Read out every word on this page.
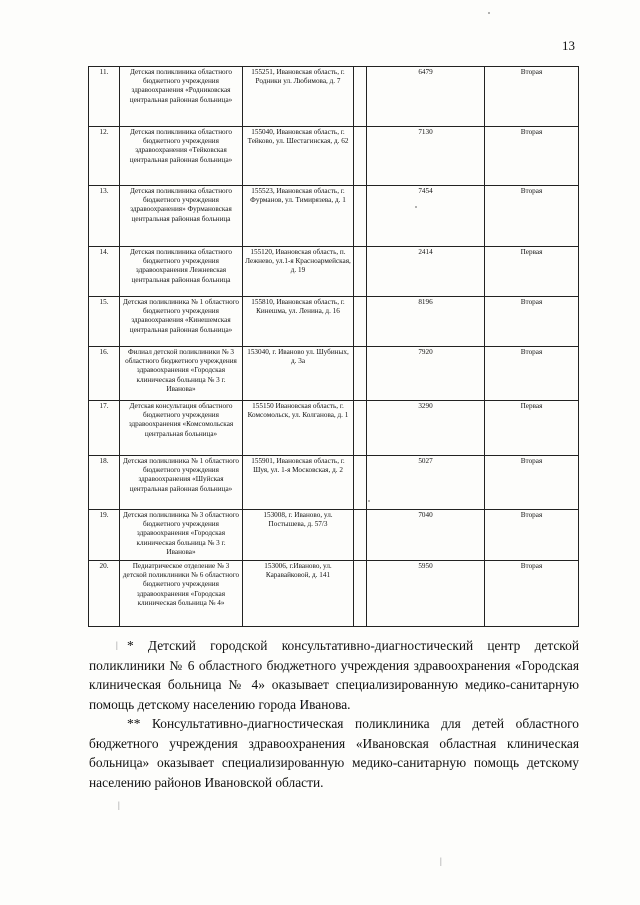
13
11.	Детская поликлиника областного бюджетного учреждения здравоохранения «Родниковская центральная районная больница»	155251, Ивановская область, г. Родники ул. Любимова, д. 7		6479	Вторая
12.	Детская поликлиника областного бюджетного учреждения здравоохранения «Тейковская центральная районная больница»	155040, Ивановская область, г. Тейково, ул. Шестагинская, д. 62		7130	Вторая
13.	Детская поликлиника областного бюджетного учреждения здравоохранения» Фурмановская центральная районная больница	155523, Ивановская область, г. Фурманов, ул. Тимирязева, д. 1		7454	Вторая
14.	Детская поликлиника областного бюджетного учреждения здравоохранения Лежневская центральная районная больница	155120, Ивановская область, п. Лежнево, ул.1-я Красноармейская, д. 19		2414	Первая
15.	Детская поликлиника № 1 областного бюджетного учреждения здравоохранения «Кинешемская центральная районная больница»	155810, Ивановская область, г. Кинешма, ул. Ленина, д. 16		8196	Вторая
16.	Филиал детской поликлиники № 3 областного бюджетного учреждения здравоохранения «Городская клиническая больница № 3 г. Иванова»	153040, г. Иваново ул. Шубиных, д. 3а		7920	Вторая
17.	Детская консультация областного бюджетного учреждения здравоохранения «Комсомольская центральная больница»	155150 Ивановская область, г. Комсомольск, ул. Колганова, д. 1		3290	Первая
18.	Детская поликлиника № 1 областного бюджетного учреждения здравоохранения «Шуйская центральная районная больница»	155901, Ивановская область, г. Шуя, ул. 1-я Московская, д. 2		5027	Вторая
19.	Детская поликлиника № 3 областного бюджетного учреждения здравоохранения «Городская клиническая больница № 3 г. Иванова»	153008, г. Иваново, ул. Постышева, д. 57/3		7040	Вторая
20.	Педиатрическое отделение № 3 детской поликлиники № 6 областного бюджетного учреждения здравоохранения «Городская клиническая больница № 4»	153006, г.Иваново, ул. Каравайковой, д. 141		5950	Вторая

* Детский городской консультативно-диагностический центр детской поликлиники № 6 областного бюджетного учреждения здравоохранения «Городская клиническая больница № 4» оказывает специализированную медико-санитарную помощь детскому населению города Иванова.

** Консультативно-диагностическая поликлиника для детей областного бюджетного учреждения здравоохранения «Ивановская областная клиническая больница» оказывает специализированную медико-санитарную помощь детскому населению районов Ивановской области.

|
|
|
